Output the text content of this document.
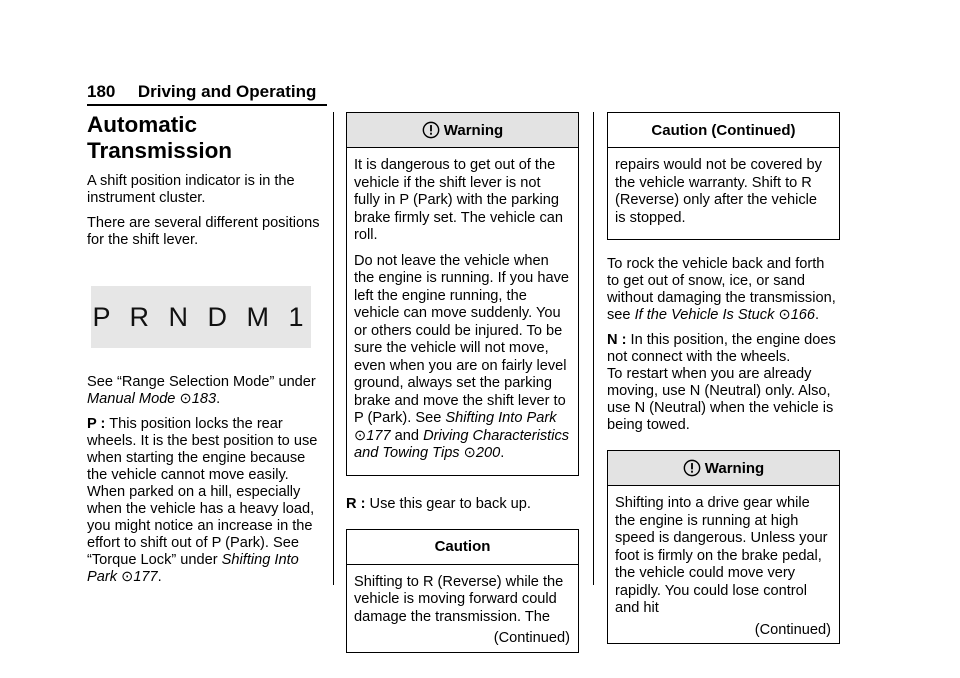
180 Driving and Operating
Automatic Transmission

A shift position indicator is in the instrument cluster.

There are several different positions for the shift lever.

P R N D M 1

See “Range Selection Mode” under Manual Mode ⊙183.

P : This position locks the rear wheels. It is the best position to use when starting the engine because the vehicle cannot move easily. When parked on a hill, especially when the vehicle has a heavy load, you might notice an increase in the effort to shift out of P (Park). See “Torque Lock” under Shifting Into Park ⊙177.

Warning

It is dangerous to get out of the vehicle if the shift lever is not fully in P (Park) with the parking brake firmly set. The vehicle can roll.

Do not leave the vehicle when the engine is running. If you have left the engine running, the vehicle can move suddenly. You or others could be injured. To be sure the vehicle will not move, even when you are on fairly level ground, always set the parking brake and move the shift lever to P (Park). See Shifting Into Park ⊙177 and Driving Characteristics and Towing Tips ⊙200.

R : Use this gear to back up.

Caution

Shifting to R (Reverse) while the vehicle is moving forward could damage the transmission. The

(Continued)
Caution (Continued)

repairs would not be covered by the vehicle warranty. Shift to R (Reverse) only after the vehicle is stopped.

To rock the vehicle back and forth to get out of snow, ice, or sand without damaging the transmission, see If the Vehicle Is Stuck ⊙166.

N : In this position, the engine does not connect with the wheels.

To restart when you are already moving, use N (Neutral) only. Also, use N (Neutral) when the vehicle is being towed.

Warning

Shifting into a drive gear while the engine is running at high speed is dangerous. Unless your foot is firmly on the brake pedal, the vehicle could move very rapidly. You could lose control and hit

(Continued)
